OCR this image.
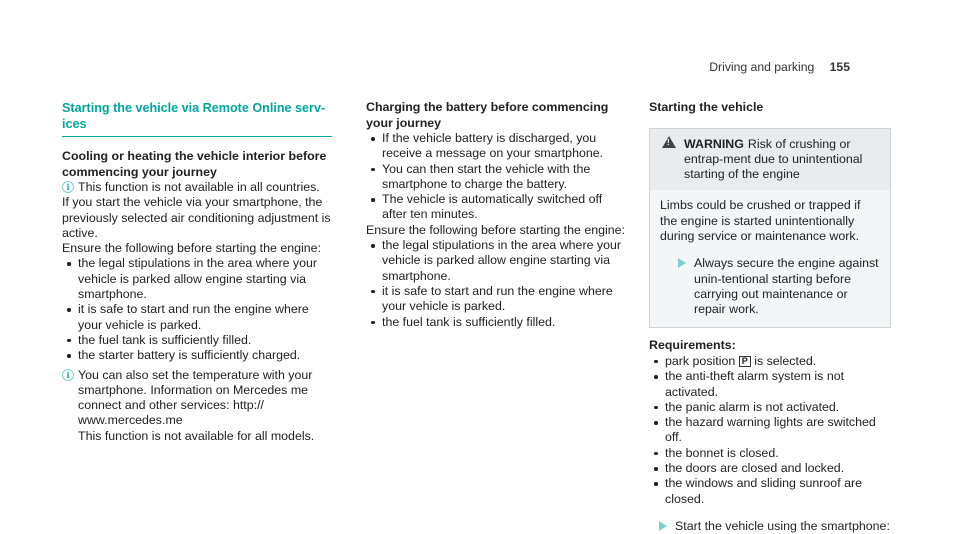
Driving and parking 155
Starting the vehicle via Remote Online serv-ices

Cooling or heating the vehicle interior before commencing your journey

i This function is not available in all countries.

If you start the vehicle via your smartphone, the previously selected air conditioning adjustment is active.

Ensure the following before starting the engine:

the legal stipulations in the area where your vehicle is parked allow engine starting via smartphone.
it is safe to start and run the engine where your vehicle is parked.
the fuel tank is sufficiently filled.
the starter battery is sufficiently charged.
i You can also set the temperature with your smartphone. Information on Mercedes me connect and other services: http://
www.mercedes.me
This function is not available for all models.

Charging the battery before commencing your journey

If the vehicle battery is discharged, you receive a message on your smartphone.
You can then start the vehicle with the smartphone to charge the battery.
The vehicle is automatically switched off after ten minutes.

Ensure the following before starting the engine:

the legal stipulations in the area where your vehicle is parked allow engine starting via smartphone.
it is safe to start and run the engine where your vehicle is parked.
the fuel tank is sufficiently filled.

Starting the vehicle

! WARNING Risk of crushing or entrap-ment due to unintentional starting of the engine

Limbs could be crushed or trapped if the engine is started unintentionally during service or maintenance work.

Always secure the engine against unin-tentional starting before carrying out maintenance or repair work.

Requirements:

park position P is selected.
the anti-theft alarm system is not activated.
the panic alarm is not activated.
the hazard warning lights are switched off.
the bonnet is closed.
the doors are closed and locked.
the windows and sliding sunroof are closed.
Start the vehicle using the smartphone:
